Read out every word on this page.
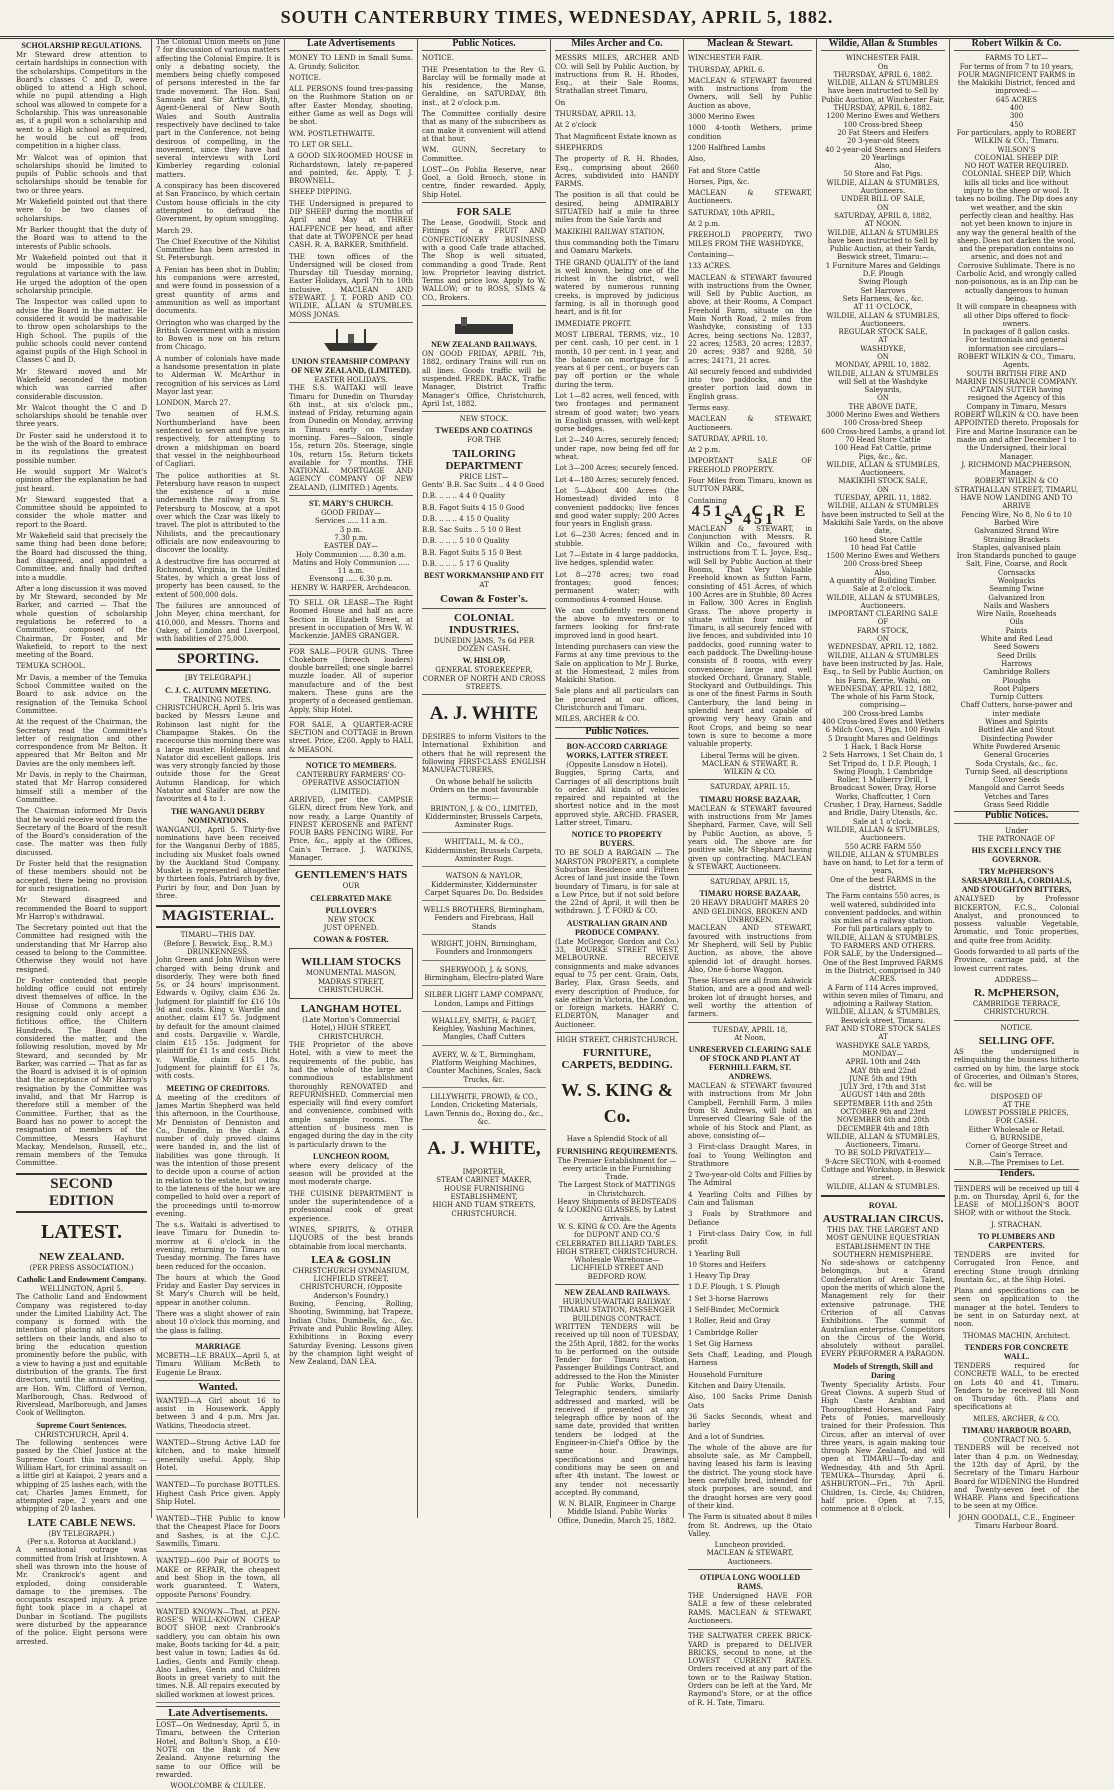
SOUTH CANTERBURY TIMES, WEDNESDAY, APRIL 5, 1882.
SCHOLARSHIP REGULATIONS.
Mr Steward drew attention to certain hardships in connection with the scholarships. Competitors in the Board's classes C and D, were obliged to attend a High school, while no pupil attending a High school was allowed to compete for a Scholarship. This was unreasonable as, if a pupil won a scholarship and went to a High school as required, he would be cut off from competition in a higher class.
Mr Walcot was of opinion that scholarships should be limited to pupils of Public schools and that scholarships should be tenable for two or three years.
Mr Wakefield pointed out that there were to be two classes of scholarships.
Mr Barker thought that the duty of the Board was to attend to the interests of Public schools.
Mr Wakefield pointed out that it would be impossible to pass regulations at variance with the law. He urged the adoption of the open scholarship principle.
The Inspector was called upon to advise the Board in the matter. He considered it would be inadvisable to throw open scholarships to the High School. The pupils of the public schools could never contend against pupils of the High School in Classes C and D.
Mr Steward moved and Mr Wakefield seconded the motion which was carried after considerable discussion.
Mr Walcot thought the C and D scholarships should be tenable over three years.
Dr Foster said he understood it to be the wish of the Board to embrace in its regulations the greatest possible number.
He would support Mr Walcot's opinion after the explanation he had just heard.
Mr Steward suggested that a Committee should be appointed to consider the whole matter and report to the Board.
Mr Wakefield said that precisely the same thing had been done before; the Board had discussed the thing, had disagreed, and appointed a Committee, and finally had drifted into a muddle.
After a long discussion it was moved by Mr Steward, seconded by Mr Barker, and carried — That the whole question of scholarship regulations be referred to a Committee, composed of the Chairman, Dr Foster, and Mr Wakefield, to report to the next meeting of the Board.
TEMUKA SCHOOL.
Mr Davis, a member of the Temuka School Committee waited on the Board to ask advice on the resignation of the Temuka School Committee.
At the request of the Chairman, the Secretary read the Committee's letter of resignation and other correspondence from Mr Belton. It appeared that Mr Belton and Mr Davies are the only members left.
Mr Davis, in reply to the Chairman, stated that Mr Harrop considered himself still a member of the Committee.
The Chairman informed Mr Davis that he would receive word from the Secretary of the Board of the result of the Board's consideration of the case. The matter was then fully discussed.
Dr Foster held that the resignation of these members should not be accepted, there being no provision for such resignation.
Mr Steward disagreed and recommended the Board to support Mr Harrop's withdrawal.
The Secretary pointed out that the Committee had resigned with the understanding that Mr Harrop also ceased to belong to the Committee. Otherwise they would not have resigned.
Dr Foster contended that people holding office could not entirely divest themselves of office. In the House of Commons a member resigning could only accept a fictitious office, the Chiltern Hundreds. The Board then considered the matter, and the following resolution, moved by Mr Steward, and seconded by Mr Barker, was carried — That as far as the Board is advised it is of opinion that the acceptance of Mr Harrop's resignation by the Committee was invalid, and that Mr Harrop is therefore still a member of the Committee. Further, that as the Board has no power to accept the resignation of members of the Committee, Messrs Hayhurst Mackay, Mendelson, Russell, etc., remain members of the Temuka Committee.
SECOND EDITION
LATEST.
NEW ZEALAND.
(PER PRESS ASSOCIATION.)
Catholic Land Endowment Company.
WELLINGTON, April 5.
The Catholic Land and Endowment Company was registered to-day under the Limited Liability Act. The company is formed with the intention of placing all classes of settlers on their lands, and also to bring the education question prominently before the public, with a view to having a just and equitable distribution of the grants. The first directors, until the annual meeting, are Hon. Wm. Clifford of Vernon, Marlborough, Chas. Redwood of Riverslead, Marlborough, and James Cook of Wellington.
Supreme Court Sentences.
CHRISTCHURCH, April 4.
The following sentences were passed by the Chief Justice at the Supreme Court this morning: — William Hart, for criminal assault on a little girl at Kaiapoi, 2 years and a whipping of 25 lashes each, with the cat; Charles James Emmett, for attempted rape, 2 years and one whipping of 20 lashes.
LATE CABLE NEWS.
(BY TELEGRAPH.)
(Per s.s. Rotorua at Auckland.)
A sensational outrage was committed from Irish at Irishtown. A shell was thrown into the house of Mr. Crankrock's agent and exploded, doing considerable damage to the premises. The occupants escaped injury. A prize fight took place in a chapel at Dunbar in Scotland. The pugilists were disturbed by the appearance of the police. Eight persons were arrested.
The Colonial Union meets on June 7 for discussion of various matters affecting the Colonial Empire. It is only a debating society, the members being chiefly composed of persons interested in the far trade movement. The Hon. Saul Samuels and Sir Arthur Blyth, Agent-General of New South Wales and South Australia respectively have declined to take part in the Conference, not being desirous of compelling, in the movement, since they have had several interviews with Lord Kimberley regarding colonial matters.
A conspiracy has been discovered at San Francisco, by which certain Custom house officials in the city attempted to defraud the Government, by opium smuggling.
March 29.
The Chief Executive of the Nihilist Committee has been arrested in St. Petersburgh.
A Fenian has been shot in Dublin; his companions were arrested, and were found in possession of a great quantity of arms and ammunition as well as important documents.
Orrington who was charged by the British Government with a mission to Bowen is now on his return from Chicago.
A number of colonials have made a handsome presentation in plate to Alderman W. McArthur in recognition of his services as Lord Mayor last year.
LONDON, March 27.
Two seamen of H.M.S. Northumberland have been sentenced to seven and five years respectively, for attempting to drown a midshipman on board that vessel in the neighbourhood of Cagliari.
The police authorities at St. Petersburg have reason to suspect the existence of a mine underneath the railway from St. Petersburg to Moscow, at a spot over which the Czar was likely to travel. The plot is attributed to the Nihilists, and the precautionary officials are now endeavouring to discover the locality.
A destructive fire has occurred at Richmond, Virginia, in the United States, by which a great loss of property has been caused, to the extent of 500,000 dols.
The failures are announced of John Meyer, china merchant, for 410,000, and Messrs. Thorns and Oakey, of London and Liverpool, with liabilities of 275,000.
SPORTING.
[BY TELEGRAPH.]
C. J. C. AUTUMN MEETING.
TRAINING NOTES.
CHRISTCHURCH, April 5. Iris was backed by Messrs Leune and Robinson last night for the Champagne Stakes. On the racecourse this morning there was a large muster. Holdenness and Natator did excellent gallops. Iris was very strongly fancied by those outside those for the Great Autumn Handicap, for which Natator and Slaifer are now the favourites at 4 to 1.
THE WANGANUI DERBY NOMINATIONS.
WANGANUI, April 5. Thirty-five nominations have been received for the Wanganui Derby of 1885, including six Musket foals owned by the Auckland Stud Company. Musket is represented altogether by thirteen foals, Patriarch by five, Puriri by four, and Don Juan by three.
MAGISTERIAL.
TIMARU—THIS DAY.
(Before J. Beswick, Esq., R.M.)
DRUNKENNESS.
John Green and John Wilson were charged with being drunk and disorderly. They were both fined 5s, or 24 hours' imprisonment. Edwards v. Ogilvy, claim £36 2s. Judgment for plaintiff for £16 10s 9d and costs. King v. Wardle and another, claim £17 5s. Judgment by default for the amount claimed and costs. Dargavilie v. Wardle, claim £15 15s. Judgment for plaintiff for £1 1s and costs. Dicht v. Wardle, claim £15 18s. Judgment for plaintiff for £1 7s, with costs.
MEETING OF CREDITORS.
A meeting of the creditors of James Martin Shepherd was held this afternoon, in the Courthouse, Mr Denniston of Denniston and Co., Dunedin, in the chair. A number of duly proved claims were handed in, and the list of liabilities was gone through. It was the intention of those present to decide upon a course of action in relation to the estate, but owing to the lateness of the hour we are compelled to hold over a report of the proceedings until to-morrow evening.
The s.s. Waitaki is advertised to leave Timaru for Dunedin to-morrow at 6 o'clock in the evening, returning to Timaru on Tuesday morning. The fares have been reduced for the occasion.
The hours at which the Good Friday and Easter Day services in St Mary's Church will be held, appear in another column.
There was a slight shower of rain about 10 o'clock this morning, and the glass is falling.
MARRIAGE
MCBETH—LE BRAUX—April 5, at Timaru William McBeth to Eugenie Le Braux.
Wanted.
WANTED—A Girl about 16 to assist in Housework. Apply between 3 and 4 p.m. Mrs Jas. Watkins, Theodocia street.
WANTED—Strong Active LAD for kitchen, and to make himself generally useful. Apply, Ship Hotel.
WANTED—To purchase BOTTLES. Highest Cash Price given. Apply Ship Hotel.
WANTED—THE Public to know that the Cheapest Place for Doors and Sashes, is at the C.J.C. Sawmills, Timaru.
WANTED—600 Pair of BOOTS to MAKE or REPAIR, the cheapest and best Shop in the town, all work guaranteed. T. Waters, opposite Parsons' Foundry.
WANTED KNOWN—That, at PEN-ROSE'S WELL-KNOWN CHEAP BOOT SHOP, next Cranbrook's saddlery, you can obtain his own make, Boots tacking for 4d. a pair, best value in town; Ladies 4s 6d. Ladies, Gents and Family cheap. Also Ladies, Gents and Children Boots in great variety to suit the times. N.B. All repairs executed by skilled workmen at lowest prices.
Late Advertisements.
LOST—On Wednesday, April 5, in Timaru, between the Criterion Hotel, and Bolton's Shop, a £10-NOTE on the Bank of New Zealand. Anyone returning the same to our Office will be rewarded.
WOOLCOMBE & CLULEE.
Late Advertisements
MONEY TO LEND in Small Sums. A. Grundy, Solicitor.
NOTICE.
ALL PERSONS found tres-passing on the Rushmore Station on or after Easter Monday, shooting, either Game as well as Dogs will be shot.
WM. POSTLETHWAITE.
TO LET OR SELL.
A GOOD SIX-ROOMED HOUSE in Richardstown, lately re-papered and painted, &c. Apply, T. J. BROWNELL.
SHEEP DIPPING.
THE Undersigned is prepared to DIP SHEEP during the months of April and May at THREE HALFPENCE per head, and after that date at TWOPENCE per head CASH. R. A. BARKER, Smithfield.
THE town offices of the Undersigned will be closed from Thursday till Tuesday morning, Easter Holidays, April 7th to 10th inclusive. MACLEAN AND STEWART. J. T. FORD AND CO. WILDIE, ALLAN & STUMBLES. MOSS JONAS.
UNION STEAMSHIP COMPANY OF NEW ZEALAND, (LIMITED).
EASTER HOLIDAYS.
THE S.S. WAITAKI will leave Timaru for Dunedin on Thursday 6th inst., at six o'clock pm., instead of Friday, returning again from Dunedin on Monday, arriving in Timaru early on Tuesday morning. Fares—Saloon, single 15s, return 20s. Steerage, single 10s, return 15s. Return tickets available for 7 months. THE NATIONAL MORTGAGE AND AGENCY COMPANY OF NEW ZEALAND, (LIMITED.) Agents.
ST. MARY'S CHURCH.
GOOD FRIDAY—
Services ..... 11 a.m.
3 p.m.
7.30 p.m.
EASTER DAY—
Holy Communion ..... 8.30 a.m.
Matins and Holy Communion ..... 11 a.m.
Evensong ..... 6.30 p.m.
HENRY W. HARPER, Archdeacon.
TO SELL OR LEASE—The Right Roomed House and half an acre Section in Elizabeth Street, at present in occupation of Mrs W. W. Mackenzie. JAMES GRANGER.
FOR SALE—FOUR GUNS. Three Chokebore (breech loaders) double barrelled; one single barrel muzzle loader. All of superior manufacture and of the best makers. These guns are the property of a deceased gentleman. Apply, Ship Hotel.
FOR SALE, A QUARTER-ACRE SECTION and COTTAGE in Brown street. Price, £260. Apply to HALL & MEASON.
NOTICE TO MEMBERS.
CANTERBURY FARMERS' CO-OPERATIVE ASSOCIATION (LIMITED).
ARRIVED, per the CAMPSIE GLEN, direct from New York, and now ready, a Large Quantity of FINEST KEROSENE and PATENT FOUR BARS FENCING WIRE. For Price, &c., apply at the Offices, Cain's Terrace. J. WATKINS, Manager.
GENTLEMEN'S HATS
OUR
CELEBRATED MAKE
PULLOVER'S
NEW STOCK
JUST OPENED.
COWAN & FOSTER.
WILLIAM STOCKS
MONUMENTAL MASON,
MADRAS STREET, CHRISTCHURCH.
LANGHAM HOTEL
(Late Morton's Commercial Hotel,) HIGH STREET, CHRISTCHURCH.
THE Proprietor of the above Hotel, with a view to meet the requirements of the public, has had the whole of the large and commodious establishment thoroughly RENOVATED and REFURNISHED. Commercial men especially will find every comfort and convenience, combined with ample sample rooms. The attention of business men is engaged during the day in the city is particularly drawn to the
LUNCHEON ROOM,
where every delicacy of the season will be provided at the most moderate charge.
THE CUISINE DEPARTMENT is under the superintendence of a professional cook of great experience.
WINES, SPIRITS, & OTHER LIQUORS of the best brands obtainable from local merchants.
LEA & GOSLIN
CHRISTCHURCH GYMNASIUM,
LICHFIELD STREET, CHRISTCHURCH, (Opposite Anderson's Foundry.)
Boxing, Fencing, Rolling, Shooting, Swimming, bat Trapeze, Indian Clubs, Dumbells, &c., &c. Private and Public Bowling Alley. Exhibitions in Boxing every Saturday Evening. Lessons given by the champion light weight of New Zealand, DAN LEA.
Public Notices.
NOTICE.
THE Presentation to the Rev G. Barclay will be formally made at his residence, the Manse, Geraldine, on SATURDAY, 8th inst., at 2 o'clock p.m.
The Committee cordially desire that as many of the subscribers as can make it convenient will attend at that hour.
WM. GUNN, Secretary to Committee.
LOST—On Pohlia Reserve, near Gool, a Gold Brooch, stone in centre, finder rewarded. Apply, Ship Hotel.
FOR SALE
The Lease, Goodwill, Stock and Fittings of a FRUIT AND CONFECTIONERY BUSINESS, with a good Cafe trade attached. The Shop is well situated, commanding a good Trade. Rent low. Proprietor leaving district. Terms and price low. Apply to W. WALLOW; or to ROSS, SIMS & CO., Brokers.
NEW ZEALAND RAILWAYS.
ON GOOD FRIDAY, APRIL 7th, 1882, ordinary Trains will run on all lines. Goods traffic will be suspended. FREDK. BACK, Traffic Manager, District Traffic Manager's Office, Christchurch, April 1st, 1882.
NEW STOCK.
TWEEDS AND COATINGS
FOR THE
TAILORING DEPARTMENT
PRICE LIST—
Gents' B.B. Sac Suits .. 4 4 0 Good
D.B. .. .. .. 4 4 0 Quality
B.B. Fagot Suits 4 15 0 Good
D.B. .. .. .. 4 15 0 Quality
B.B. Sac Suits .. 5 10 0 Best
D.B. .. .. .. 5 10 0 Quality
B.B. Fagot Suits 5 15 0 Best
D.B. .. .. .. 5 17 6 Quality
BEST WORKMANSHIP AND FIT
AT
Cowan & Foster's.
COLONIAL INDUSTRIES.
DUNEDIN JAMS, 7s 6d PER DOZEN CASH.
W. HISLOP,
GENERAL STOREKEEPER,
CORNER OF NORTH AND CROSS STREETS.
A. J. WHITE
DESIRES to inform Visitors to the International Exhibition and others that he will represent the following FIRST-CLASS ENGLISH MANUFACTURERS,
On whose behalf he solicits Orders on the most favourable terms:—
BRINTON, J. & CO., LIMITED, Kidderminster, Brussels Carpets, Axminster Rugs.
WHITTALL, M. & CO., Kidderminster, Brussels Carpets, Axminster Rugs.
WATSON & NAYLOR, Kidderminster, Kidderminster Carpet Squares Do. Do. Bedsides
WELLS BROTHERS, Birmingham, Fenders and Firebrass, Hall Stands
WRIGHT, JOHN, Birmingham, Founders and Ironmongers
SHERWOOD, J. & SONS, Birmingham, Electro-plated Ware
SILBER LIGHT LAMP COMPANY, London, Lamps and Fittings
WHALLEY, SMITH, & PAGET, Keighley, Washing Machines, Mangles, Chaff Cutters
AVERY, W. & T., Birmingham, Platform Weighing Machines, Counter Machines, Scales, Sack Trucks, &c.
LILLYWHITE, FROWD, & CO., London, Cricketing Materials, Lawn Tennis do., Boxing do., &c., &c.
A. J. WHITE,
IMPORTER,
STEAM CABINET MAKER,
HOUSE FURNISHING ESTABLISHMENT,
HIGH AND TUAM STREETS,
CHRISTCHURCH.
Miles Archer and Co.
MESSRS MILES, ARCHER AND CO. will Sell by Public Auction, by instructions from R. H. Rhodes, Esq., at their Sale Rooms, Strathallan street Timaru,
On
THURSDAY, APRIL 13,
At 2 o'clock
That Magnificent Estate known as
SHEPHERDS
The property of R. H. Rhodes, Esq., comprising about 2660 Acres, subdivided into HANDY FARMS.
The position is all that could be desired, being ADMIRABLY SITUATED half a mile to three miles from the Sale Yards and
MAKIKIHI RAILWAY STATION,
thus commanding both the Timaru and Oamaru Markets.
THE GRAND QUALITY of the land is well known, being one of the richest in the district, well watered by numerous running creeks, is improved by judicious farming, is all in thorough good heart, and is fit for
IMMEDIATE PROFIT.
MOST LIBERAL TERMS, viz., 10 per cent. cash, 10 per cent. in 1 month, 10 per cent. in 1 year, and the balance on mortgage for 5 years at 6 per cent., or buyers can pay off portion or the whole during the term.
Lot 1—82 acres, well fenced, with two frontages and permanent stream of good water; two years in English grasses, with well-kept gorse hedges.
Lot 2—240 Acres, securely fenced; under rape, now being fed off for wheat.
Lot 3—200 Acres; securely fenced.
Lot 4—180 Acres; securely fenced.
Lot 5—About 400 Acres (the Homestead) divided into 8 convenient paddocks; live fences and good water supply; 200 Acres four years in English grass.
Lot 6—230 Acres; fenced and in stubble.
Lot 7—Estate in 4 large paddocks, live hedges, splendid water.
Lot 8—278 acres; two road frontages; good fences; permanent water; with commodious 4-roomed House.
We can confidently recommend the above to investors or to farmers looking for first-rate improved land in good heart.
Intending purchasers can view the Farms at any time previous to the Sale on application to Mr J. Burke, at the Homestead, 2 miles from Makikihi Station.
Sale plans and all particulars can be procured at our offices, Christchurch and Timaru.
MILES, ARCHER & CO.
Public Notices.
BON-ACCORD CARRIAGE WORKS, LATTER STREET.
(Opposite Lonsdow n Hotel).
Buggies, Spring Carts, and Carriages of all descriptions built to order. All kinds of vehicles repaired and repainted at the shortest notice and in the most approved style. ARCHD. FRASER, Latter street, Timaru.
NOTICE TO PROPERTY BUYERS.
TO BE SOLD A BARGAIN — The MARSTON PROPERTY, a complete Suburban Residence and Fifteen Acres of land just inside the Town boundary of Timaru, is for sale at a Low Price, but if not sold before the 22nd of April, it will then be withdrawn. J. T. FORD & CO.
AUSTRALIAN GRAIN AND PRODUCE COMPANY.
(Late McGregor, Gordon and Co.) 33, BOURKE STREET WEST, MELBOURNE. RECEIVE consignments and make advances equal to 75 per cent. Grain, Oats, Barley, Flax, Grass Seeds, and every description of Produce, for sale either in Victoria, the London, or foreign markets. HARRY C. ELDERTON, Manager and Auctioneer.
HIGH STREET, CHRISTCHURCH.
FURNITURE, CARPETS, BEDDING.
W. S. KING & Co.
Have a Splendid Stock of all
FURNISHING REQUIREMENTS.
The Premier Establishment for —
every article in the Furnishing Trade.
The Largest Stock of MATTINGS in Christchurch.
Heavy Shipments of BEDSTEADS & LOOKING GLASSES, by Latest Arrivals.
W. S. KING & CO. Are the Agents for DUPONT AND CO.'S CELEBRATED BILLIARD TABLES.
HIGH STREET, CHRISTCHURCH.
Wholesale Warehouse—LICHFIELD STREET AND BEDFORD ROW.
NEW ZEALAND RAILWAYS.
HURUNUI-WAITAKI RAILWAY.
TIMARU STATION, PASSENGER BUILDINGS CONTRACT.
WRITTEN TENDERS will be received up till noon of TUESDAY, the 25th April, 1882, for the works to be performed on the outside Tender for Timaru Station, Passenger Buildings Contract, and addressed to the Hon the Minister for Public Works, Dunedin. Telegraphic tenders, similarly addressed and marked, will be received if presented at any telegraph office by noon of the same date, provided that written tenders be lodged at the Engineer-in-Chief's Office by the same hour. Drawings, specifications and general conditions may be seen on and after 4th instant. The lowest or any tender not necessarily accepted. By command,
W. N. BLAIR, Engineer in Charge Middle Island. Public Works Office, Dunedin, March 25, 1882.
Maclean & Stewart.
WINCHESTER FAIR.
THURSDAY, APRIL 6.
MACLEAN & STEWART favoured with instructions from the Owners, will Sell by Public Auction as above,
3000 Merino Ewes
1000 4-tooth Wethers, prime condition
1200 Halfbred Lambs
Also,
Fat and Store Cattle
Horses, Pigs, &c.
MACLEAN & STEWART, Auctioneers.
SATURDAY, 10th APRIL,
At 2 p.m.
FREEHOLD PROPERTY, TWO MILES FROM THE WASHDYKE,
Containing—
133 ACRES.
MACLEAN & STEWART favoured with instructions from the Owner, will Sell by Public Auction, as above, at their Rooms, A Compact Freehold Farm, situate on the Main North Road, 2 miles from Washdyke, consisting of 133 Acres, being sections No. 12837, 22 acres; 12583, 20 acres; 12837, 20 acres; 9387 and 9288, 50 acres; 24171, 21 acres.
All securely fenced and subdivided into two paddocks, and the greater portion laid down in English grass.
Terms easy.
MACLEAN & STEWART, Auctioneers.
SATURDAY, APRIL 10.
At 2 p.m.
IMPORTANT SALE OF FREEHOLD PROPERTY.
Four Miles from Timaru, known as SUTTON PARK,
Containing
451 A C R E S 451
MACLEAN & STEWART, in Conjunction with Messrs. R. Wilkin and Co., favoured with instructions from T. L. Joyce, Esq., will Sell by Public Auction at their Rooms, That Very Valuable Freehold known as Sutton Farm, consisting of 451 Acres, of which 100 Acres are in Stubble, 80 Acres in Fallow, 300 Acres in English Grass. The above property is situate within four miles of Timaru, is all securely fenced with live fences, and subdivided into 10 paddocks, good running water to each paddock. The Dwelling-house consists of 8 rooms, with every convenience; large and well stocked Orchard, Granary, Stable, Stockyard and Outbuildings. This is one of the finest Farms in South Canterbury, the land being in splendid heart and capable of growing very heavy Grain and Root Crops, and being so near town is sure to become a more valuable property.
Liberal Terms will be given.
MACLEAN & STEWART, R. WILKIN & CO.
SATURDAY, APRIL 15,
TIMARU HORSE BAZAAR,
MACLEAN & STEWART favoured with instructions from Mr James Shephard, Farmer, Cave, will Sell by Public Auction, as above, 5 years old. The above are for positive sale, Mr Shephard having given up contracting. MACLEAN & STEWART, Auctioneers.
SATURDAY, APRIL 15,
TIMARU HORSE BAZAAR,
20 HEAVY DRAUGHT MARES 20 AND GELDINGS, BROKEN AND UNBROKEN.
MACLEAN AND STEWART, favoured with instructions from Mr Shepherd, will Sell by Public Auction, as above, the above splendid lot of draught horses. Also, One 6-horse Waggon.
These Horses are all from Ashwick Station, and are a good and well-broken lot of draught horses, and well worthy the attention of farmers.
TUESDAY, APRIL 18,
At Noon,
UNRESERVED CLEARING SALE OF STOCK AND PLANT AT FERNHILL FARM, ST. ANDREWS.
MACLEAN & STEWART favoured with instructions from Mr John Campbell, Fernhill Farm, 3 miles from St Andrews, will hold an Unreserved Clearing Sale of the whole of his Stock and Plant, as above, consisting of—
3 First-class Draught Mares, in foal to Young Wellington and Strathmore
2 Two-year-old Colts and Fillies by The Admiral
4 Yearling Colts and Fillies by Cain and Talisman
3 Foals by Strathmore and Defiance
1 First-class Dairy Cow, in full profit
1 Yearling Bull
10 Stores and Heifers
1 Heavy Tip Dray
1 D.F. Plough, 1 S. Plough
1 Set 3-horse Harrows
1 Self-Binder, McCormick
1 Roller, Reid and Gray
1 Cambridge Roller
1 Set Gig Harness
Sets Chaff, Leading, and Plough Harness
Household Furniture
Kitchen and Dairy Utensils.
Also, 100 Sacks Prime Danish Oats
36 Sacks Seconds, wheat and barley
And a lot of Sundries.
The whole of the above are for absolute sale, as Mr Campbell, having leased his farm is leaving the district. The young stock have been carefully bred, intended for stock purposes, are sound, and the draught horses are very good of their kind.
The Farm is situated about 8 miles from St. Andrews, up the Otaio Valley.
Luncheon provided.
MACLEAN & STEWART, Auctioneers.
OTIPUA LONG WOOLLED RAMS.
THE Undersigned HAVE FOR SALE a few of these celebrated RAMS. MACLEAN & STEWART, Auctioneers.
THE SALTWATER CREEK BRICK-YARD is prepared to DELIVER BRICKS, second to none, at the LOWEST CURRENT RATES. Orders received at any part of the town or to the Railway Station. Orders can be left at the Yard, Mr Raymond's Store, or at the office of R. H. Tate, Timaru.
Wildie, Allan & Stumbles
WINCHESTER FAIR.
On
THURSDAY, APRIL 6, 1882.
WILDIE, ALLAN & STUMBLES have been instructed to Sell by Public Auction, at Winchester Fair,
THURSDAY, APRIL 6, 1882.
1200 Merino Ewes and Wethers
100 Cross-bred Sheep
20 Fat Steers and Heifers
20 3-year-old Steers
40 2-year-old Steers and Heifers
20 Yearlings
Also,
50 Store and Fat Pigs.
WILDIE, ALLAN & STUMBLES, Auctioneers.
UNDER BILL OF SALE,
ON
SATURDAY, APRIL 8, 1882,
AT NOON.
WILDIE, ALLAN & STUMBLES have been instructed to Sell by Public Auction, at their Yards, Beswick street, Timaru:—
1 Furniture Mares and Geldings
D.F. Plough
Swing Plough
Set Harrows
Sets Harness, &c., &c.
AT 11 O'CLOCK,
WILDIE, ALLAN & STUMBLES, Auctioneers.
REGULAR STOCK SALE,
AT
WASHDYKE,
ON
MONDAY, APRIL 10, 1882.
WILDIE, ALLAN & STUMBLES will Sell at the Washdyke Saleyards,
ON
THE ABOVE DATE,
3000 Merino Ewes and Wethers
100 Cross-bred Sheep
600 Cross-bred Lambs, a grand lot
70 Head Store Cattle
100 Head Fat Cattle, prime
Pigs, &c., &c.
WILDIE, ALLAN & STUMBLES, Auctioneers.
MAKIKIHI STOCK SALE,
ON
TUESDAY, APRIL 11, 1882.
WILDIE, ALLAN & STUMBLES have been instructed to Sell at the Makikihi Sale Yards, on the above date,
160 head Store Cattle
10 head Fat Cattle
1500 Merino Ewes and Wethers
200 Cross-bred Sheep
Also,
A quantity of Building Timber.
Sale at 2 o'clock.
WILDIE, ALLAN & STUMBLES, Auctioneers.
IMPORTANT CLEARING SALE
OF
FARM STOCK,
ON
WEDNESDAY, APRIL 12, 1882.
WILDIE, ALLAN & STUMBLES have been instructed by Jas. Hale, Esq., to Sell by Public Auction, on his Farm, Kerrie, Waihi, on
WEDNESDAY, APRIL 12, 1882,
The whole of his Farm Stock, comprising—
200 Cross-bred Lambs
400 Cross-bred Ewes and Wethers
6 Milch Cows, 3 Pigs, 100 Fowls
5 Draught Mares and Geldings
1 Hack, 1 Back Horse
2 Sets Harrows, 1 Set Chain do, 1 Set Tripod do, 1 D.F. Plough, 1 Swing Plough, 1 Cambridge Roller, 1 Mulberry Drill, 1 Broadcast Sower, Dray, Horse Works, Chaffcutter, 1 Corn Crusher, 1 Dray, Harness, Saddle and Bridle, Dairy Utensils, &c.
Sale at 1 o'clock.
WILDIE, ALLAN & STUMBLES, Auctioneers.
550 ACRE FARM 550
WILDIE, ALLAN & STUMBLES have on hand, to Let for a term of years,
One of the best FARMS in the district.
The Farm contains 550 acres, is well watered, subdivided into convenient paddocks, and within six miles of a railway station.
For full particulars apply to WILDIE, ALLAN & STUMBLES.
TO FARMERS AND OTHERS.
FOR SALE, by the Undersigned—
One of the Best Improved FARMS in the District, comprised in 340 ACRES.
A Farm of 114 Acres improved, within seven miles of Timaru, and adjoining a Railway Station.
WILDIE, ALLAN, & STUMBLES, Beswick street, Timaru.
FAT AND STORE STOCK SALES
AT
WASHDYKE SALE YARDS,
MONDAY—
APRIL 10th and 24th
MAY 8th and 22nd
JUNE 5th and 19th
JULY 3rd, 17th and 31st
AUGUST 14th and 28th
SEPTEMBER 11th and 25th
OCTOBER 9th and 23rd
NOVEMBER 6th and 20th
DECEMBER 4th and 18th
WILDIE, ALLAN & STUMBLES, Auctioneers, Timaru.
TO BE SOLD PRIVATELY—
9-Acre SECTION, with 4-roomed Cottage and Workshop, in Beswick street.
WILDIE, ALLAN & STUMBLES.
ROYAL
AUSTRALIAN CIRCUS.
THIS DAY. THE LARGEST AND MOST GENUINE EQUESTRIAN ESTABLISHMENT IN THE SOUTHERN HEMISPHERE.
No side-shows or catchpenny belongings, but a Grand Confederation of Arenic Talent, upon the merits of which alone the Management rely for their extensive patronage. THE Criterion of all Canvas Exhibitions. The summit of Australian enterprise. Competitors on the Circus of the World, absolutely without parallel. EVERY PERFORMER A PARAGON.
Models of Strength, Skill and Daring
Twenty Speciality Artists. Four Great Clowns. A superb Stud of High Caste Arabian and Thoroughbred Horses, and Fairy Pets of Ponies, marvellously trained for their Profession. This Circus, after an interval of over three years, is again making tour through New Zealand, and will open at TIMARU—To-day and Wednesday, 4th and 5th April. TEMUKA—Thursday, April 6. ASHBURTON—Fri., 7th April. Children, 1s. Circle, 4s; Children, half price. Open at 7.15, commence at 8 o'clock.
Robert Wilkin & Co.
FARMS TO LET—
For terms of from 7 to 10 years, FOUR MAGNIFICENT FARMS in the Makikihi District, fenced and improved:—
645 ACRES
400
300
450
For particulars, apply to ROBERT WILKIN & CO., Timaru.
WILSON'S
COLONIAL SHEEP DIP.
NO HOT WATER REQUIRED.
COLONIAL SHEEP DIP, Which kills all ticks and lice without injury to the sheep or wool. It takes no boiling. The Dip does any wet weather, and the skin perfectly clean and healthy. Has not yet been known to injure in any way the general health of the sheep. Does not darken the wool, and the preparation contains no arsenic, and does not and Corrosive Sublimate. There is no Carbolic Acid, and wrongly called non-poisonous, as is an Dip can be actually dangerous to human being.
It will compare in cheapness with all other Dips offered to flock-owners.
In packages of 8 gallon casks.
For testimonials and general information see circulars—
ROBERT WILKIN & CO., Timaru, Agents.
SOUTH BRITISH FIRE AND MARINE INSURANCE COMPANY.
CAPTAIN SUTTER having resigned the Agency of this Company in Timaru, Messrs ROBERT WILKIN & CO. have been APPOINTED thereto. Proposals for Fire and Marine Insurance can be made on and after December 1 to the Undersigned, their local Manager.
J. RICHMOND MACPHERSON, Manager.
ROBERT WILKIN & CO
STRATHALLAN STREET, TIMARU,
HAVE NOW LANDING AND TO ARRIVE
Fencing Wire, No 8, No 6 to 10
Barbed Wire
Galvanized Strand Wire
Straining Brackets
Staples, galvanised plain
Iron Standards punched to gauge
Salt, Fine, Coarse, and Rock
Cornsacks
Woolpacks
Seaming Twine
Galvanized Iron
Nails and Washers
Wire Nails, Roseheads
Oils
Paints
White and Red Lead
Seed Sowers
Seed Drills
Harrows
Cambridge Rollers
Ploughs
Root Pulpers
Turnip Cutters
Chaff Cutters, horse-power and inter mediate
Wines and Spirits
Bottled Ale and Stout
Disinfecting Powder
White Powdered Arsenic
General Groceries
Soda Crystals, &c., &c.
Turnip Seed, all descriptions
Clover Seeds
Mangold and Carrot Seeds
Vetches and Tares
Grass Seed Riddle
Public Notices.
Under
THE PATRONAGE OF
HIS EXCELLENCY THE GOVERNOR.
TRY McPHERSON'S SARSAPARILLA, CORDIALS, AND STOUGHTON BITTERS,
ANALYSED by Professor BICKERTON, F.C.S., Colonial Analyst, and pronounced to possess valuable Vegetable, Aromatic, and Tonic properties, and quite free from Acidity.
Goods forwarded to all parts of the Province, carriage paid, at the lowest current rates.
ADDRESS—
R. McPHERSON,
CAMBRIDGE TERRACE,
CHRISTCHURCH.
NOTICE.
SELLING OFF.
AS the undersigned is relinquishing the business hitherto carried on by him, the large stock of Groceries, and Oilman's Stores, &c. will be
DISPOSED OF
AT THE
LOWEST POSSIBLE PRICES,
FOR CASH.
Either Wholesale or Retail.
G. BURNSIDE,
Corner of George Street and Cain's Terrace.
N.B.—The Premises to Let.
Tenders.
TENDERS will be received up till 4 p.m. on Thursday, April 6, for the LEASE of MOLLISON'S BOOT SHOP, with or without the Stock.
J. STRACHAN.
TO PLUMBERS AND CARPENTERS.
TENDERS are invited for Corrugated Iron Fence, and erecting Stone trough drinking fountain &c., at the Ship Hotel.
Plans and specifications can be seen on application to the manager at the hotel. Tenders to be sent in on Saturday next, at noon.
THOMAS MACHIN, Architect.
TENDERS FOR CONCRETE WALL.
TENDERS required for CONCRETE WALL, to be erected on Lots 40 and 41, Timaru. Tenders to be received till Noon on Thursday 6th. Plans and specifications at
MILES, ARCHER, & CO.
TIMARU HARBOUR BOARD,
CONTRACT NO. 5.
TENDERS will be received not later than 4 p.m. on Wednesday, the 12th day of April, by the Secretary of the Timaru Harbour Board for WIDENING the Hundred and Twenty-seven feet of the WHARF. Plans and Specifications to be seen at my Office.
JOHN GOODALL, C.E., Engineer Timaru Harbour Board.
